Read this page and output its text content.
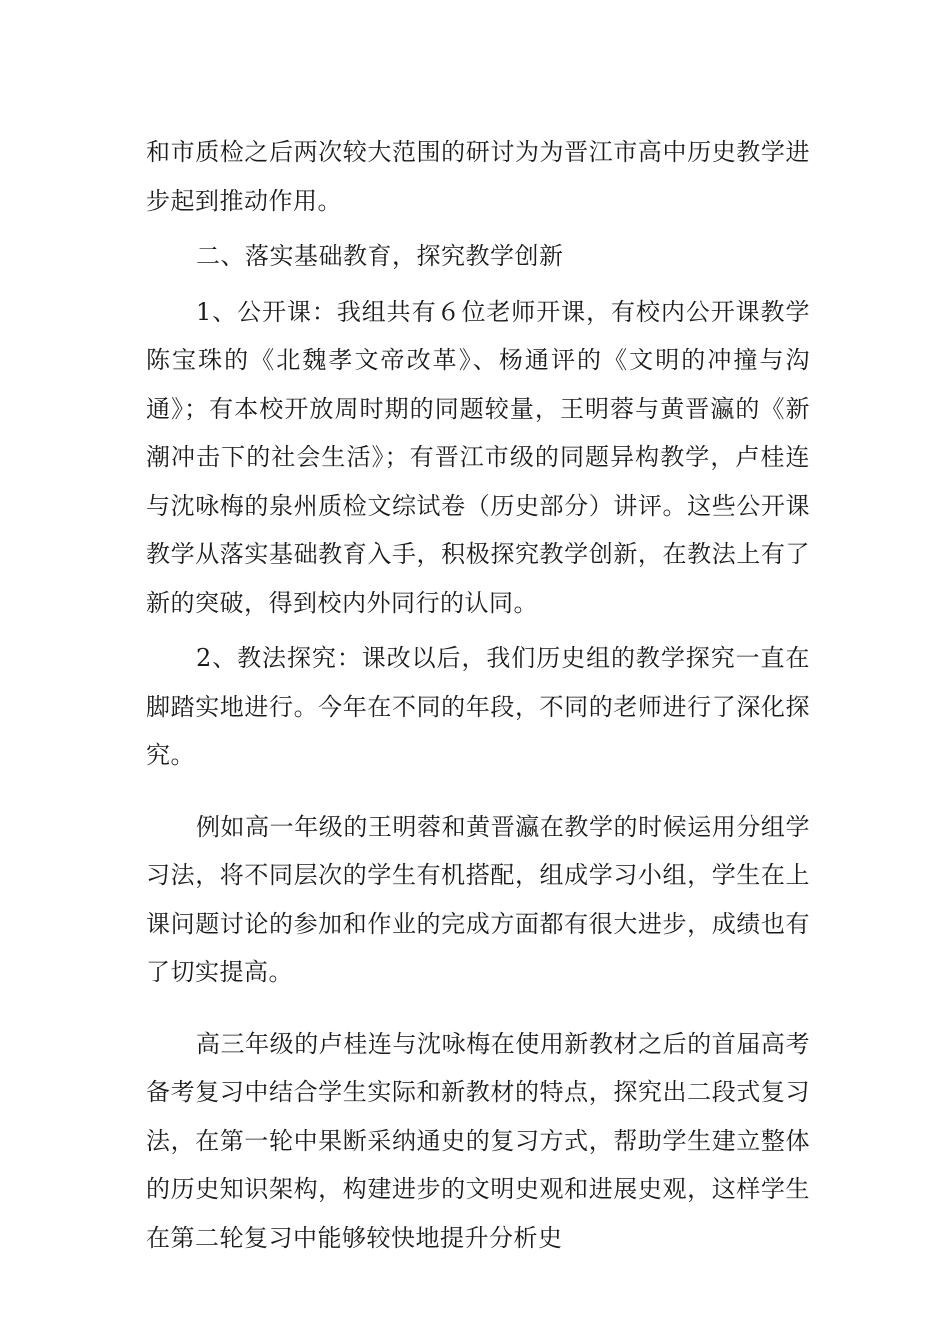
和市质检之后两次较大范围的研讨为为晋江市高中历史教学进步起到推动作用。

二、落实基础教育，探究教学创新

1、公开课：我组共有６位老师开课，有校内公开课教学陈宝珠的《北魏孝文帝改革》、杨通评的《文明的冲撞与沟通》；有本校开放周时期的同题较量，王明蓉与黄晋瀛的《新潮冲击下的社会生活》；有晋江市级的同题异构教学，卢桂连与沈咏梅的泉州质检文综试卷（历史部分）讲评。这些公开课教学从落实基础教育入手，积极探究教学创新，在教法上有了新的突破，得到校内外同行的认同。

2、教法探究：课改以后，我们历史组的教学探究一直在脚踏实地进行。今年在不同的年段，不同的老师进行了深化探究。

例如高一年级的王明蓉和黄晋瀛在教学的时候运用分组学习法，将不同层次的学生有机搭配，组成学习小组，学生在上课问题讨论的参加和作业的完成方面都有很大进步，成绩也有了切实提高。

高三年级的卢桂连与沈咏梅在使用新教材之后的首届高考备考复习中结合学生实际和新教材的特点，探究出二段式复习法，在第一轮中果断采纳通史的复习方式，帮助学生建立整体的历史知识架构，构建进步的文明史观和进展史观，这样学生在第二轮复习中能够较快地提升分析史
